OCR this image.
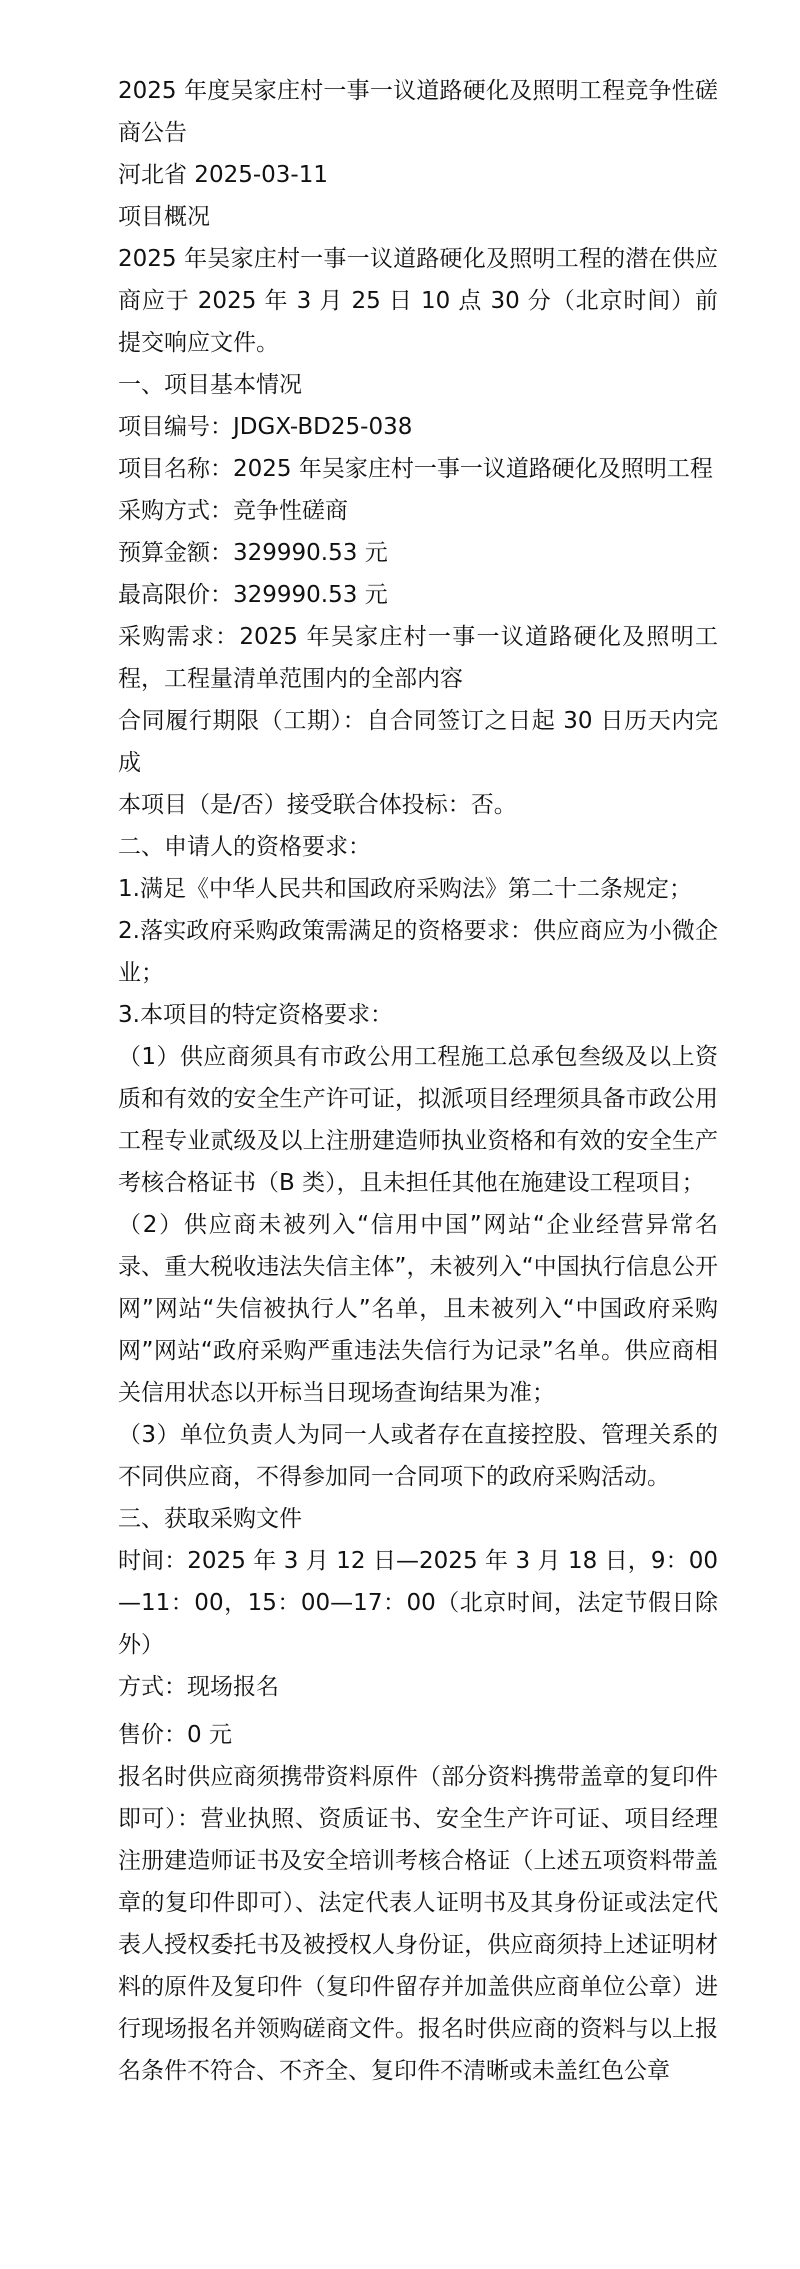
2025 年度吴家庄村一事一议道路硬化及照明工程竞争性磋商公告

河北省 2025-03-11

项目概况

2025 年吴家庄村一事一议道路硬化及照明工程的潜在供应商应于 2025 年 3 月 25 日 10 点 30 分（北京时间）前提交响应文件。

一、项目基本情况

项目编号：JDGX-BD25-038

项目名称：2025 年吴家庄村一事一议道路硬化及照明工程

采购方式：竞争性磋商

预算金额：329990.53 元

最高限价：329990.53 元

采购需求：2025 年吴家庄村一事一议道路硬化及照明工程，工程量清单范围内的全部内容

合同履行期限（工期）：自合同签订之日起 30 日历天内完成

本项目（是/否）接受联合体投标：否。

二、申请人的资格要求：

1.满足《中华人民共和国政府采购法》第二十二条规定；

2.落实政府采购政策需满足的资格要求：供应商应为小微企业；

3.本项目的特定资格要求：

（1）供应商须具有市政公用工程施工总承包叁级及以上资质和有效的安全生产许可证，拟派项目经理须具备市政公用工程专业贰级及以上注册建造师执业资格和有效的安全生产考核合格证书（B 类），且未担任其他在施建设工程项目；

（2）供应商未被列入“信用中国”网站“企业经营异常名录、重大税收违法失信主体”，未被列入“中国执行信息公开网”网站“失信被执行人”名单，且未被列入“中国政府采购网”网站“政府采购严重违法失信行为记录”名单。供应商相关信用状态以开标当日现场查询结果为准；

（3）单位负责人为同一人或者存在直接控股、管理关系的不同供应商，不得参加同一合同项下的政府采购活动。

三、获取采购文件

时间：2025 年 3 月 12 日—2025 年 3 月 18 日，9：00—11：00，15：00—17：00（北京时间，法定节假日除外）

方式：现场报名

售价：0 元

报名时供应商须携带资料原件（部分资料携带盖章的复印件即可）：营业执照、资质证书、安全生产许可证、项目经理注册建造师证书及安全培训考核合格证（上述五项资料带盖章的复印件即可）、法定代表人证明书及其身份证或法定代表人授权委托书及被授权人身份证，供应商须持上述证明材料的原件及复印件（复印件留存并加盖供应商单位公章）进行现场报名并领购磋商文件。报名时供应商的资料与以上报名条件不符合、不齐全、复印件不清晰或未盖红色公章
